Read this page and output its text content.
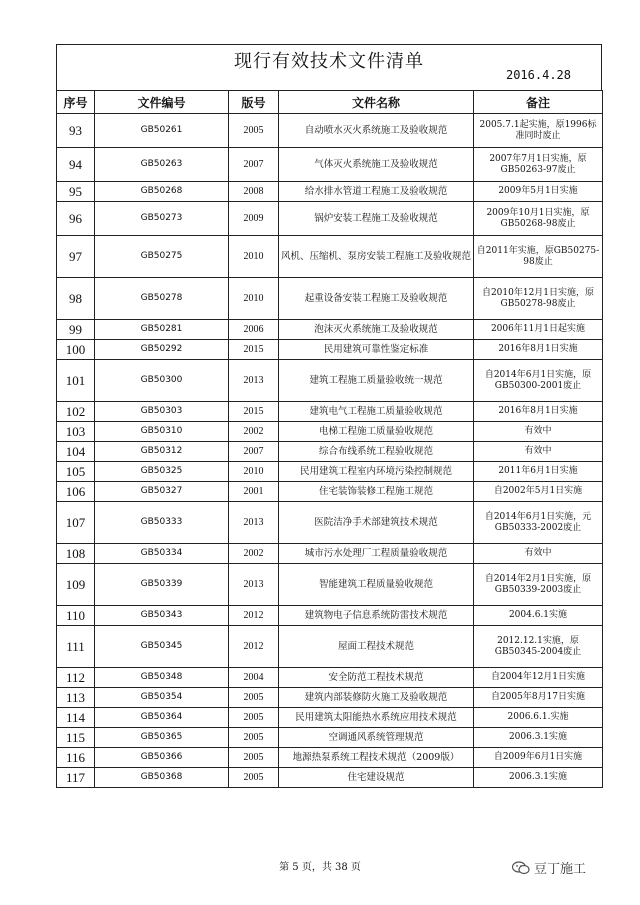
现行有效技术文件清单
2016.4.28
序号	文件编号	版号	文件名称	备注
93	GB50261	2005	自动喷水灭火系统施工及验收规范	2005.7.1起实施，原1996标准同时废止
94	GB50263	2007	气体灭火系统施工及验收规范	2007年7月1日实施，原GB50263-97废止
95	GB50268	2008	给水排水管道工程施工及验收规范	2009年5月1日实施
96	GB50273	2009	锅炉安装工程施工及验收规范	2009年10月1日实施，原GB50268-98废止
97	GB50275	2010	风机、压缩机、泵房安装工程施工及验收规范	自2011年实施，原GB50275-98废止
98	GB50278	2010	起重设备安装工程施工及验收规范	自2010年12月1日实施，原GB50278-98废止
99	GB50281	2006	泡沫灭火系统施工及验收规范	2006年11月1日起实施
100	GB50292	2015	民用建筑可靠性鉴定标准	2016年8月1日实施
101	GB50300	2013	建筑工程施工质量验收统一规范	自2014年6月1日实施，原GB50300-2001废止
102	GB50303	2015	建筑电气工程施工质量验收规范	2016年8月1日实施
103	GB50310	2002	电梯工程施工质量验收规范	有效中
104	GB50312	2007	综合布线系统工程验收规范	有效中
105	GB50325	2010	民用建筑工程室内环境污染控制规范	2011年6月1日实施
106	GB50327	2001	住宅装饰装修工程施工规范	自2002年5月1日实施
107	GB50333	2013	医院洁净手术部建筑技术规范	自2014年6月1日实施，元GB50333-2002废止
108	GB50334	2002	城市污水处理厂工程质量验收规范	有效中
109	GB50339	2013	智能建筑工程质量验收规范	自2014年2月1日实施，原GB50339-2003废止
110	GB50343	2012	建筑物电子信息系统防雷技术规范	2004.6.1实施
111	GB50345	2012	屋面工程技术规范	2012.12.1实施，原GB50345-2004废止
112	GB50348	2004	安全防范工程技术规范	自2004年12月1日实施
113	GB50354	2005	建筑内部装修防火施工及验收规范	自2005年8月17日实施
114	GB50364	2005	民用建筑太阳能热水系统应用技术规范	2006.6.1.实施
115	GB50365	2005	空调通风系统管理规范	2006.3.1实施
116	GB50366	2005	地源热泵系统工程技术规范（2009版）	自2009年6月1日实施
117	GB50368	2005	住宅建设规范	2006.3.1实施
第 5 页，共 38 页	豆丁施工
